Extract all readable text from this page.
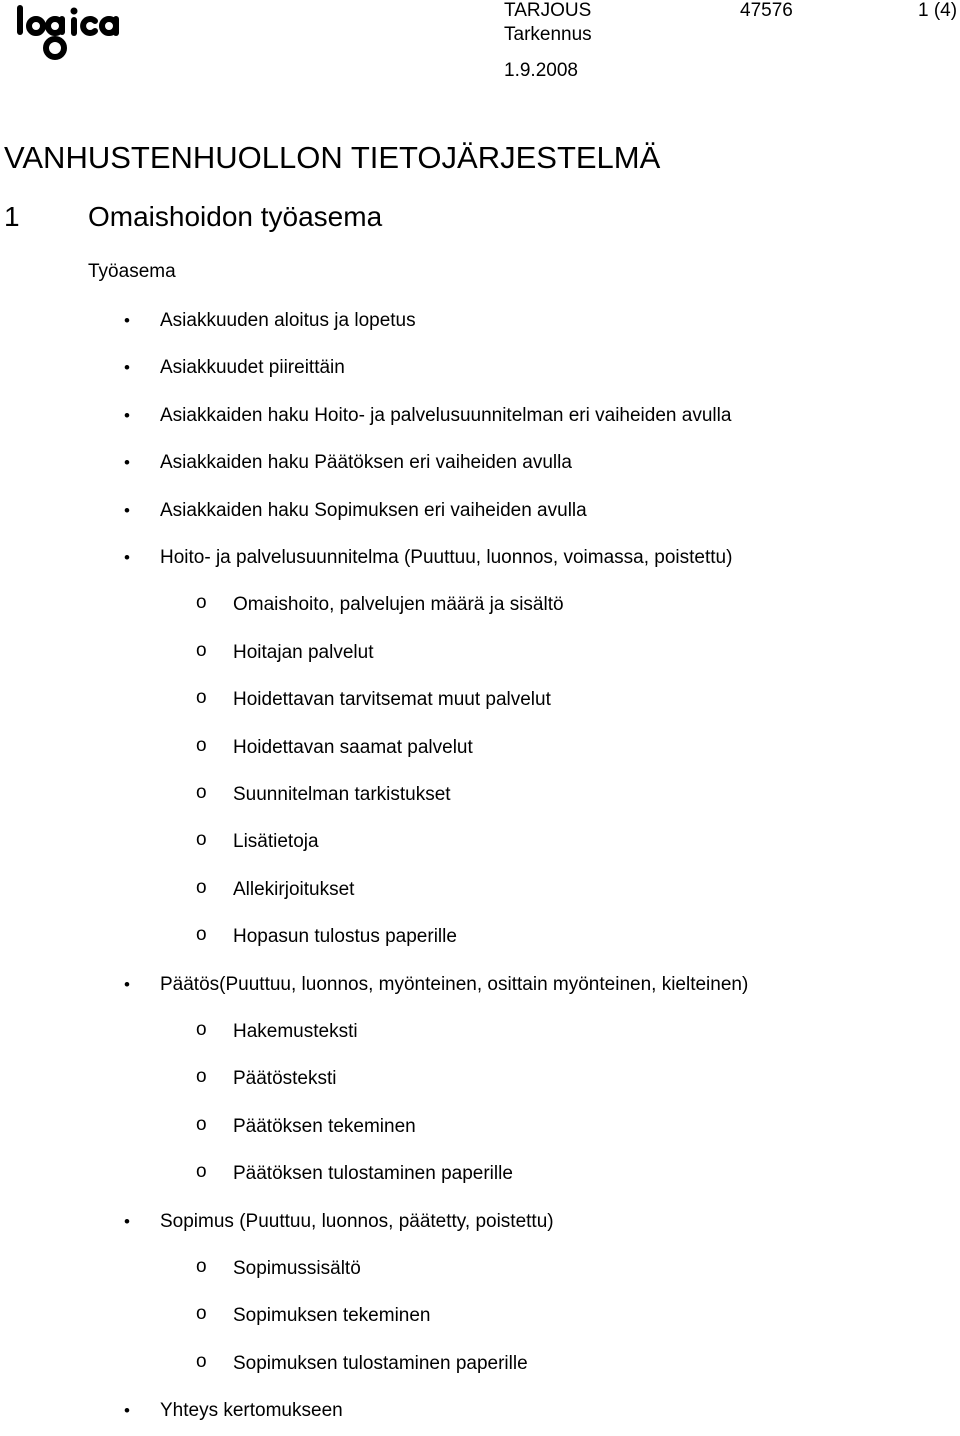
TARJOUS	47576	1 (4)
Tarkennus
1.9.2008
VANHUSTENHUOLLON TIETOJÄRJESTELMÄ
1 Omaishoidon työasema
Työasema
• Asiakkuuden aloitus ja lopetus
• Asiakkuudet piireittäin
• Asiakkaiden haku Hoito- ja palvelusuunnitelman eri vaiheiden avulla
• Asiakkaiden haku Päätöksen eri vaiheiden avulla
• Asiakkaiden haku Sopimuksen eri vaiheiden avulla
• Hoito- ja palvelusuunnitelma (Puuttuu, luonnos, voimassa, poistettu)
o Omaishoito, palvelujen määrä ja sisältö
o Hoitajan palvelut
o Hoidettavan tarvitsemat muut palvelut
o Hoidettavan saamat palvelut
o Suunnitelman tarkistukset
o Lisätietoja
o Allekirjoitukset
o Hopasun tulostus paperille
• Päätös(Puuttuu, luonnos, myönteinen, osittain myönteinen, kielteinen)
o Hakemusteksti
o Päätösteksti
o Päätöksen tekeminen
o Päätöksen tulostaminen paperille
• Sopimus (Puuttuu, luonnos, päätetty, poistettu)
o Sopimussisältö
o Sopimuksen tekeminen
o Sopimuksen tulostaminen paperille
• Yhteys kertomukseen
